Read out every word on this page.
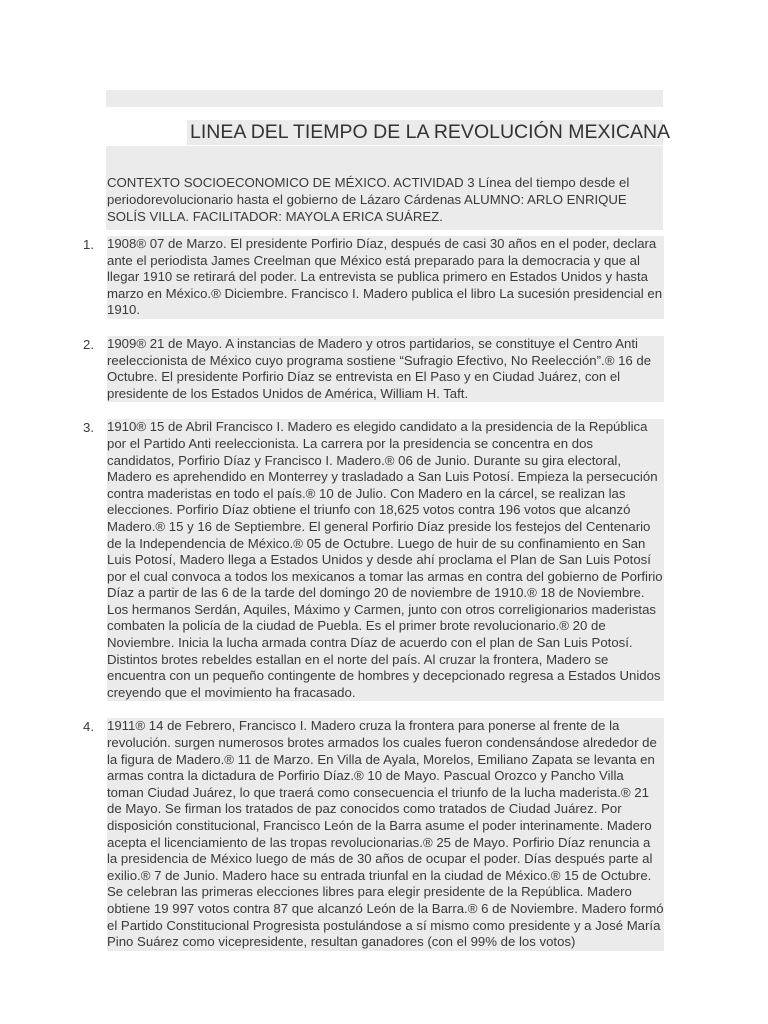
LINEA DEL TIEMPO DE LA REVOLUCIÓN MEXICANA
CONTEXTO SOCIOECONOMICO DE MÉXICO. ACTIVIDAD 3 Línea del tiempo desde el periodorevolucionario hasta el gobierno de Lázaro Cárdenas ALUMNO: ARLO ENRIQUE SOLÍS VILLA. FACILITADOR: MAYOLA ERICA SUÁREZ.
1. 1908® 07 de Marzo. El presidente Porfirio Díaz, después de casi 30 años en el poder, declara ante el periodista James Creelman que México está preparado para la democracia y que al llegar 1910 se retirará del poder. La entrevista se publica primero en Estados Unidos y hasta marzo en México.® Diciembre. Francisco I. Madero publica el libro La sucesión presidencial en 1910.
2. 1909® 21 de Mayo. A instancias de Madero y otros partidarios, se constituye el Centro Anti reeleccionista de México cuyo programa sostiene “Sufragio Efectivo, No Reelección”.® 16 de Octubre. El presidente Porfirio Díaz se entrevista en El Paso y en Ciudad Juárez, con el presidente de los Estados Unidos de América, William H. Taft.
3. 1910® 15 de Abril Francisco I. Madero es elegido candidato a la presidencia de la República por el Partido Anti reeleccionista. La carrera por la presidencia se concentra en dos candidatos, Porfirio Díaz y Francisco I. Madero.® 06 de Junio. Durante su gira electoral, Madero es aprehendido en Monterrey y trasladado a San Luis Potosí. Empieza la persecución contra maderistas en todo el país.® 10 de Julio. Con Madero en la cárcel, se realizan las elecciones. Porfirio Díaz obtiene el triunfo con 18,625 votos contra 196 votos que alcanzó Madero.® 15 y 16 de Septiembre. El general Porfirio Díaz preside los festejos del Centenario de la Independencia de México.® 05 de Octubre. Luego de huir de su confinamiento en San Luis Potosí, Madero llega a Estados Unidos y desde ahí proclama el Plan de San Luis Potosí por el cual convoca a todos los mexicanos a tomar las armas en contra del gobierno de Porfirio Díaz a partir de las 6 de la tarde del domingo 20 de noviembre de 1910.® 18 de Noviembre. Los hermanos Serdán, Aquiles, Máximo y Carmen, junto con otros correligionarios maderistas combaten la policía de la ciudad de Puebla. Es el primer brote revolucionario.® 20 de Noviembre. Inicia la lucha armada contra Díaz de acuerdo con el plan de San Luis Potosí. Distintos brotes rebeldes estallan en el norte del país. Al cruzar la frontera, Madero se encuentra con un pequeño contingente de hombres y decepcionado regresa a Estados Unidos creyendo que el movimiento ha fracasado.
4. 1911® 14 de Febrero, Francisco I. Madero cruza la frontera para ponerse al frente de la revolución. surgen numerosos brotes armados los cuales fueron condensándose alrededor de la figura de Madero.® 11 de Marzo. En Villa de Ayala, Morelos, Emiliano Zapata se levanta en armas contra la dictadura de Porfirio Díaz.® 10 de Mayo. Pascual Orozco y Pancho Villa toman Ciudad Juárez, lo que traerá como consecuencia el triunfo de la lucha maderista.® 21 de Mayo. Se firman los tratados de paz conocidos como tratados de Ciudad Juárez. Por disposición constitucional, Francisco León de la Barra asume el poder interinamente. Madero acepta el licenciamiento de las tropas revolucionarias.® 25 de Mayo. Porfirio Díaz renuncia a la presidencia de México luego de más de 30 años de ocupar el poder. Días después parte al exilio.® 7 de Junio. Madero hace su entrada triunfal en la ciudad de México.® 15 de Octubre. Se celebran las primeras elecciones libres para elegir presidente de la República. Madero obtiene 19 997 votos contra 87 que alcanzó León de la Barra.® 6 de Noviembre. Madero formó el Partido Constitucional Progresista postulándose a sí mismo como presidente y a José María Pino Suárez como vicepresidente, resultan ganadores (con el 99% de los votos)
